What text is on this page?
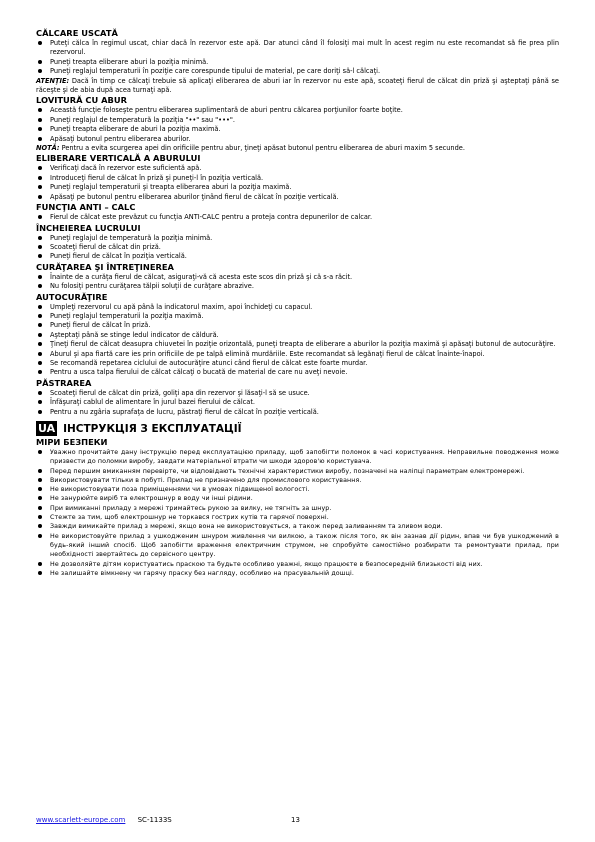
CĂLCARE USCATĂ
Puteţi călca în regimul uscat, chiar dacă în rezervor este apă. Dar atunci când îl folosiţi mai mult în acest regim nu este recomandat să fie prea plin rezervorul.
Puneţi treapta eliberare aburi la poziţia minimă.
Puneţi reglajul temperaturii în poziţie care corespunde tipului de material, pe care doriţi să-l călcaţi.
ATENŢIE: Dacă în timp ce călcaţi trebuie să aplicaţi eliberarea de aburi iar în rezervor nu este apă, scoateţi fierul de călcat din priză şi aşteptaţi până se răceşte şi de abia după acea turnaţi apă.
LOVITURĂ CU ABUR
Această funcţie foloseşte pentru eliberarea suplimentară de aburi pentru călcarea porţiunilor foarte boţite.
Puneţi reglajul de temperatură la poziţia "••" sau "•••".
Puneţi treapta eliberare de aburi la poziţia maximă.
Apăsaţi butonul pentru eliberarea aburilor.
NOTĂ: Pentru a evita scurgerea apei din orificiile pentru abur, ţineţi apăsat butonul pentru eliberarea de aburi maxim 5 secunde.
ELIBERARE VERTICALĂ A ABURULUI
Verificaţi dacă în rezervor este suficientă apă.
Introduceţi fierul de călcat în priză şi puneţi-l în poziţia verticală.
Puneţi reglajul temperaturii şi treapta eliberarea aburi la poziţia maximă.
Apăsaţi pe butonul pentru eliberarea aburilor ţinând fierul de călcat în poziţie verticală.
FUNCŢIA ANTI – CALC
Fierul de călcat este prevăzut cu funcţia ANTI-CALC pentru a proteja contra depunerilor de calcar.
ÎNCHEIEREA LUCRULUI
Puneţi reglajul de temperatură la poziţia minimă.
Scoateţi fierul de călcat din priză.
Puneţi fierul de călcat în poziţia verticală.
CURĂŢAREA ŞI ÎNTREŢINEREA
Înainte de a curăţa fierul de călcat, asiguraţi-vă că acesta este scos din priză şi că s-a răcit.
Nu folosiţi pentru curăţarea tălpii soluţii de curăţare abrazive.
AUTOCURĂŢIRE
Umpleţi rezervorul cu apă până la indicatorul maxim, apoi închideţi cu capacul.
Puneţi reglajul temperaturii la poziţia maximă.
Puneţi fierul de călcat în priză.
Aşteptaţi până se stinge ledul indicator de căldură.
Ţineţi fierul de călcat deasupra chiuvetei în poziţie orizontală, puneţi treapta de eliberare a aburilor la poziţia maximă şi apăsaţi butonul de autocurăţire.
Aburul şi apa fiartă care ies prin orificiile de pe talpă elimină murdăriile. Este recomandat să legănaţi fierul de călcat înainte-înapoi.
Se recomandă repetarea ciclului de autocurăţire atunci când fierul de călcat este foarte murdar.
Pentru a usca talpa fierului de călcat călcaţi o bucată de material de care nu aveţi nevoie.
PĂSTRAREA
Scoateţi fierul de călcat din priză, goliţi apa din rezervor şi lăsaţi-l să se usuce.
Înfăşuraţi cablul de alimentare în jurul bazei fierului de călcat.
Pentru a nu zgâria suprafaţa de lucru, păstraţi fierul de călcat în poziţie verticală.
UA ІНСТРУКЦІЯ З ЕКСПЛУАТАЦІЇ
МІРИ БЕЗПЕКИ
Уважно прочитайте дану інструкцію перед експлуатацією приладу, щоб запобігти поломок в часі користування. Неправильне поводження може призвести до поломки виробу, завдати матеріальної втрати чи шкоди здоров'ю користувача.
Перед першим вмиканням перевірте, чи відповідають технічні характеристики виробу, позначені на наліпці параметрам електромережі.
Використовувати тільки в побуті. Прилад не призначено для промислового користування.
Не використовувати поза приміщеннями чи в умовах підвищеної вологості.
Не занурюйте виріб та електрошнур в воду чи інші рідини.
При вимиканні приладу з мережі тримайтесь рукою за вилку, не тягніть за шнур.
Стежте за тим, щоб електрошнур не торкався гострих кутів та гарячої поверхні.
Завжди вимикайте прилад з мережі, якщо вона не використовується, а також перед заливанням та зливом води.
Не використовуйте прилад з ушкодженим шнуром живлення чи вилкою, а також після того, як він зазнав дії рідин, впав чи був ушкоджений в будь-який інший спосіб. Щоб запобігти враження електричним струмом, не спробуйте самостійно розбирати та ремонтувати прилад, при необхідності звертайтесь до сервісного центру.
Не дозволяйте дітям користуватись праскою та будьте особливо уважні, якщо працюєте в безпосередній близькості від них.
Не залишайте вімкнену чи гарячу праску без нагляду, особливо на прасувальній дошці.
www.scarlett-europe.com SC-1133S	13
